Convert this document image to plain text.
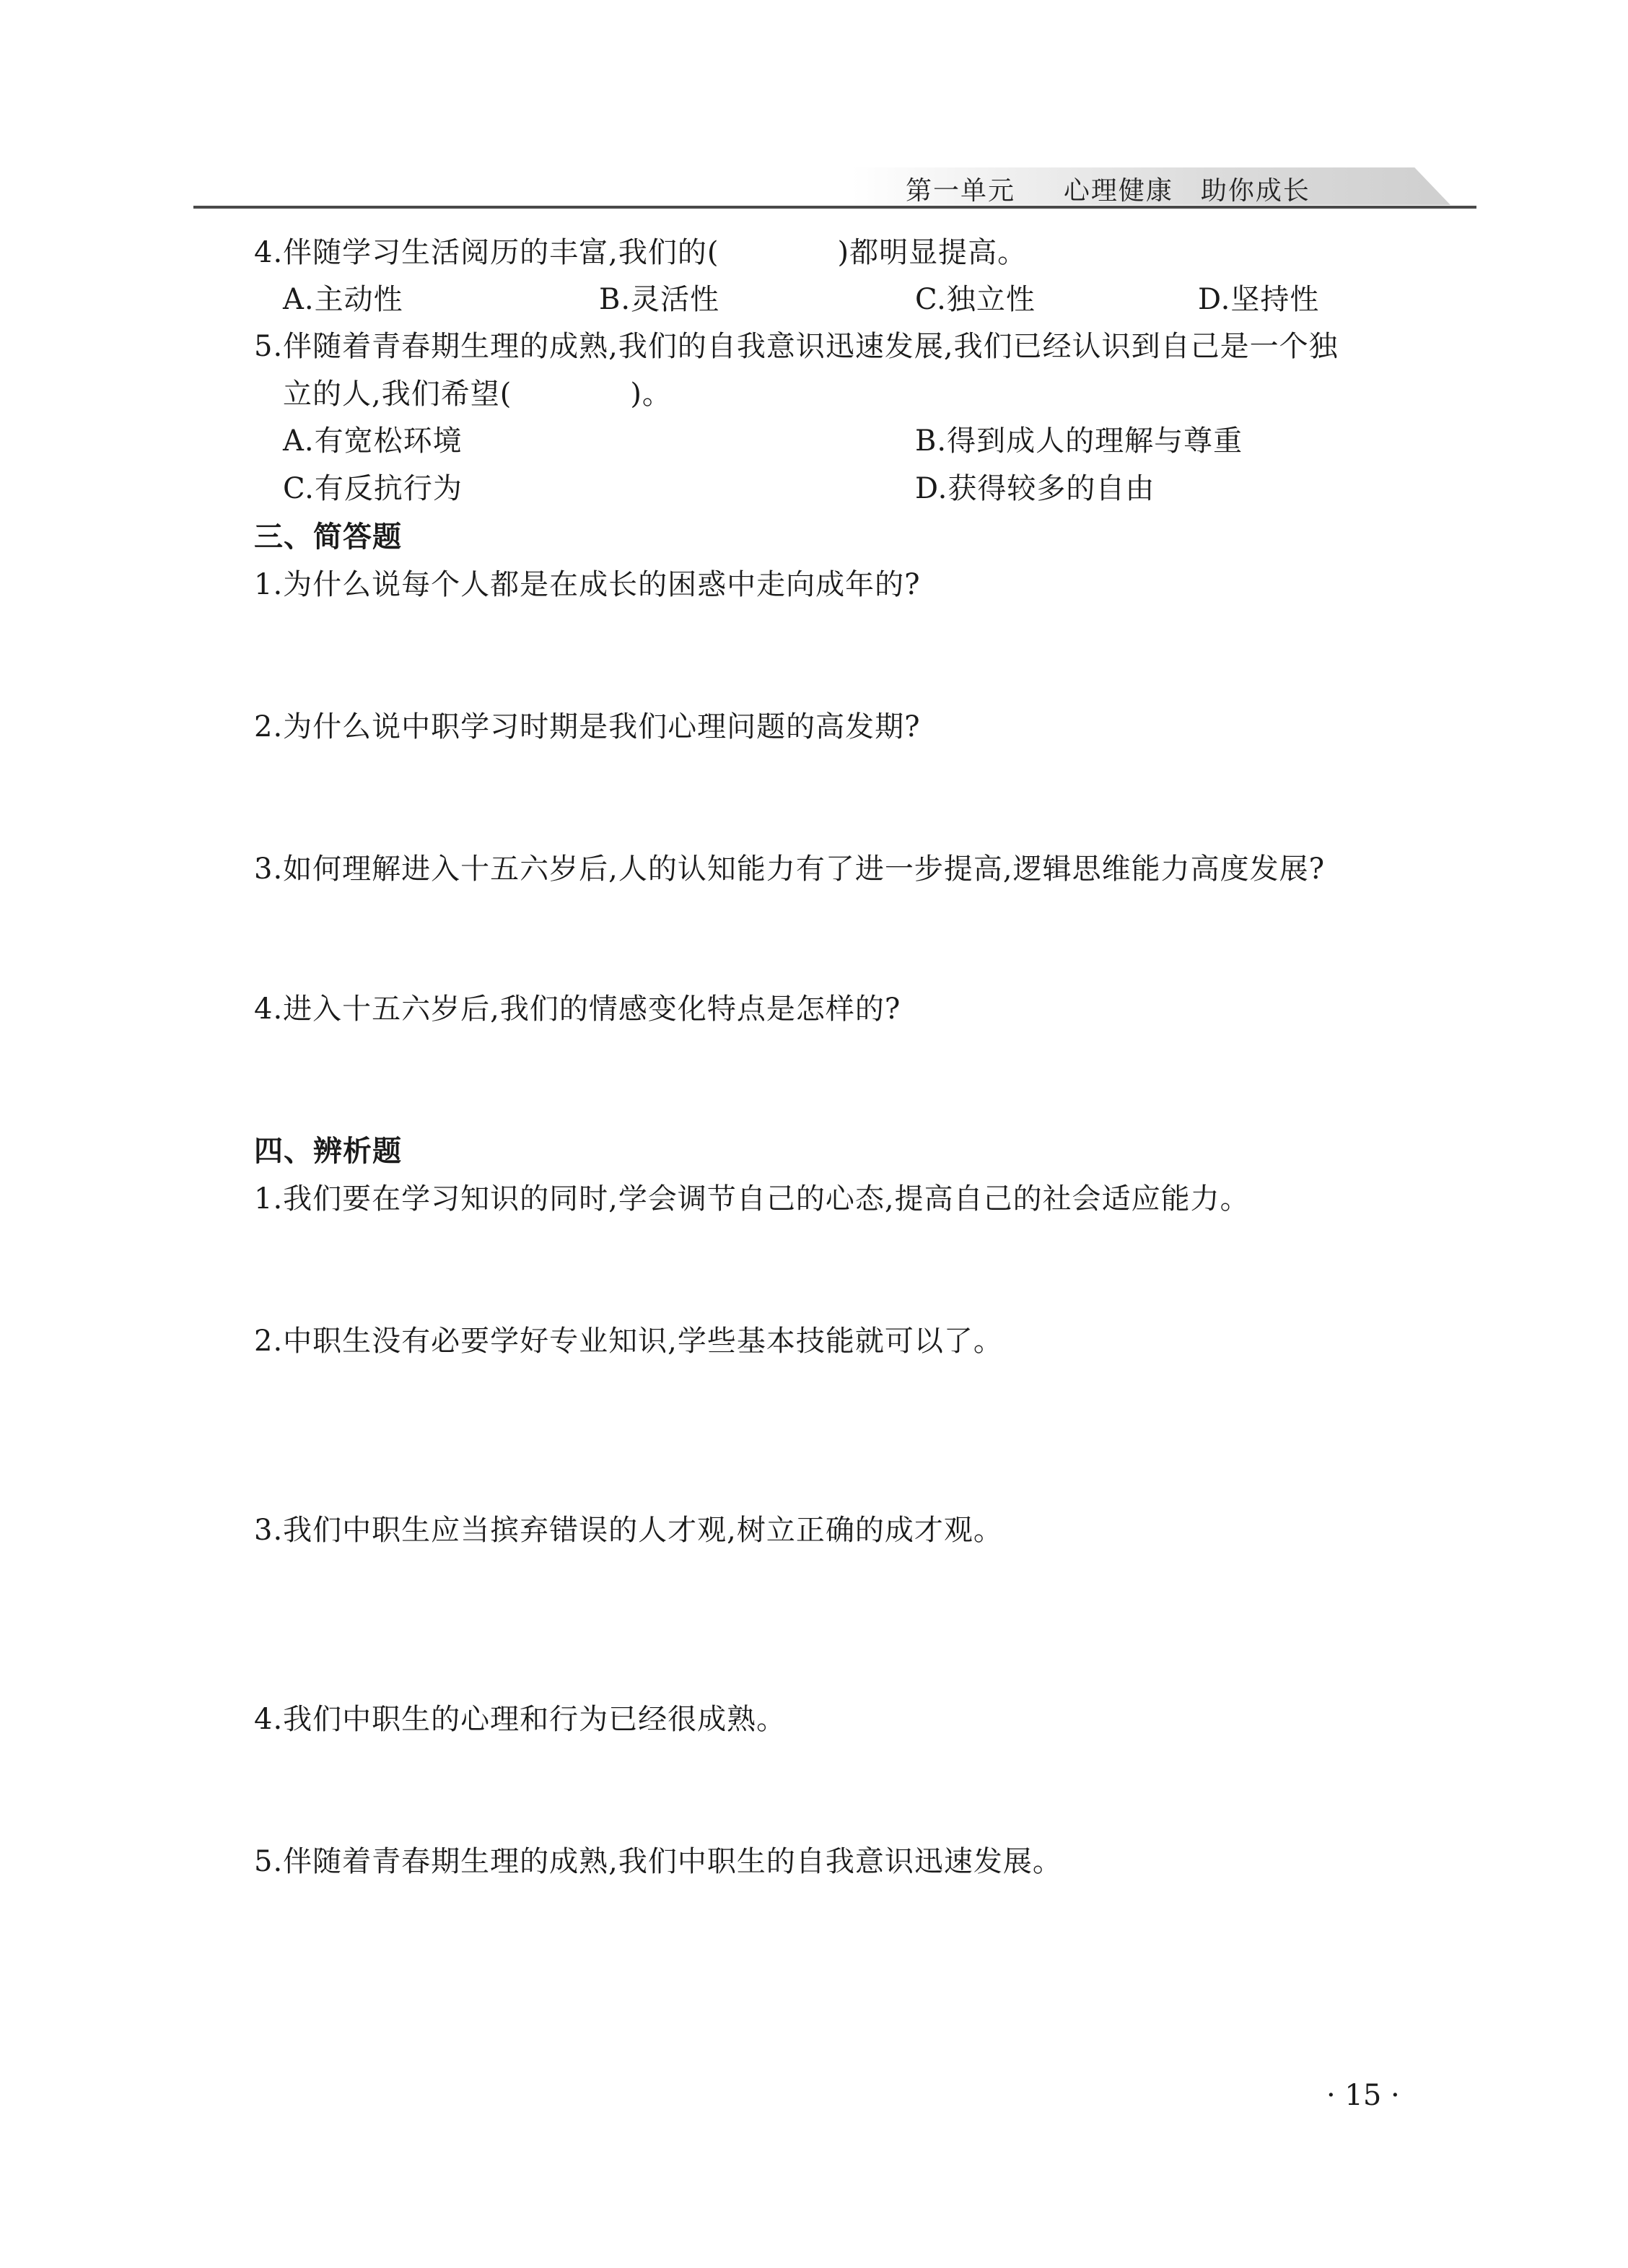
第一单元 心理健康　助你成长
4.伴随学习生活阅历的丰富,我们的(　　　　)都明显提高。
A.主动性	B.灵活性	C.独立性	D.坚持性
5.伴随着青春期生理的成熟,我们的自我意识迅速发展,我们已经认识到自己是一个独
立的人,我们希望(　　　　)。
A.有宽松环境	B.得到成人的理解与尊重
C.有反抗行为	D.获得较多的自由
三、简答题
1.为什么说每个人都是在成长的困惑中走向成年的?
2.为什么说中职学习时期是我们心理问题的高发期?
3.如何理解进入十五六岁后,人的认知能力有了进一步提高,逻辑思维能力高度发展?
4.进入十五六岁后,我们的情感变化特点是怎样的?
四、辨析题
1.我们要在学习知识的同时,学会调节自己的心态,提高自己的社会适应能力。
2.中职生没有必要学好专业知识,学些基本技能就可以了。
3.我们中职生应当摈弃错误的人才观,树立正确的成才观。
4.我们中职生的心理和行为已经很成熟。
5.伴随着青春期生理的成熟,我们中职生的自我意识迅速发展。
· 15 ·
